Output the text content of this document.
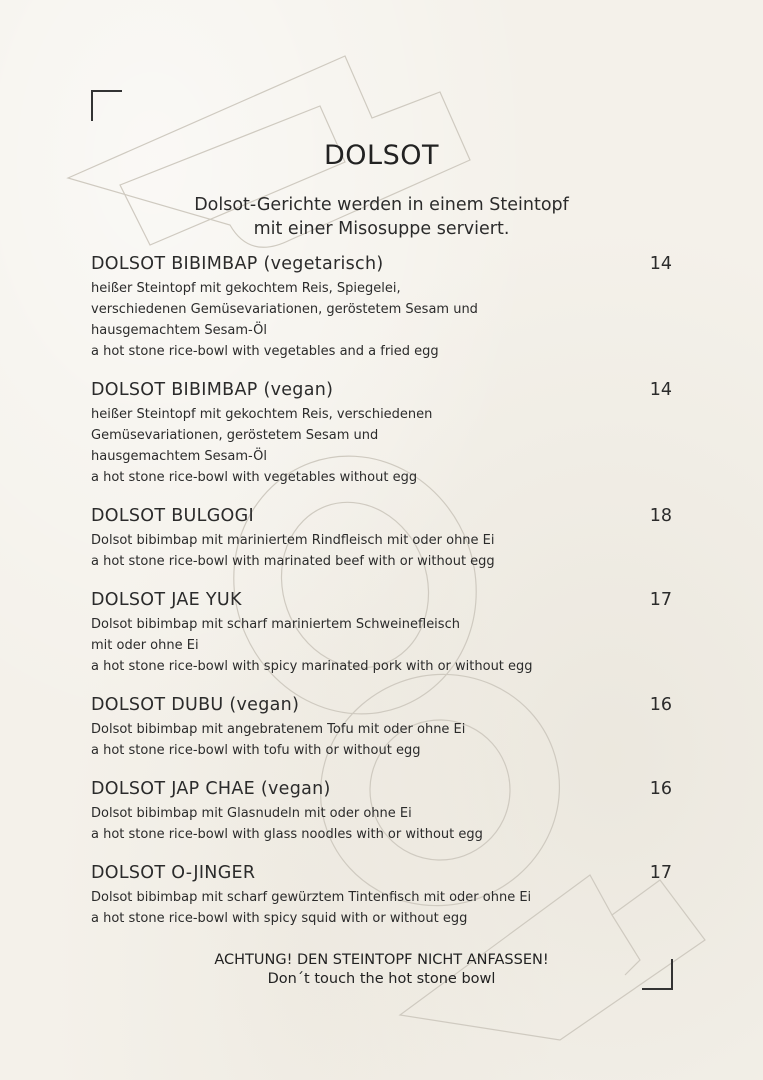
DOLSOT
Dolsot-Gerichte werden in einem Steintopf
mit einer Misosuppe serviert.
DOLSOT BIBIMBAP (vegetarisch)	14
heißer Steintopf mit gekochtem Reis, Spiegelei,
verschiedenen Gemüsevariationen, geröstetem Sesam und
hausgemachtem Sesam-Öl
a hot stone rice-bowl with vegetables and a fried egg
DOLSOT BIBIMBAP (vegan)	14
heißer Steintopf mit gekochtem Reis, verschiedenen
Gemüsevariationen, geröstetem Sesam und
hausgemachtem Sesam-Öl
a hot stone rice-bowl with vegetables without egg
DOLSOT BULGOGI	18
Dolsot bibimbap mit mariniertem Rindfleisch mit oder ohne Ei
a hot stone rice-bowl with marinated beef with or without egg
DOLSOT JAE YUK	17
Dolsot bibimbap mit scharf mariniertem Schweinefleisch
mit oder ohne Ei
a hot stone rice-bowl with spicy marinated pork with or without egg
DOLSOT DUBU (vegan)	16
Dolsot bibimbap mit angebratenem Tofu mit oder ohne Ei
a hot stone rice-bowl with tofu with or without egg
DOLSOT JAP CHAE (vegan)	16
Dolsot bibimbap mit Glasnudeln mit oder ohne Ei
a hot stone rice-bowl with glass noodles with or without egg
DOLSOT O-JINGER	17
Dolsot bibimbap mit scharf gewürztem Tintenfisch mit oder ohne Ei
a hot stone rice-bowl with spicy squid with or without egg
ACHTUNG! DEN STEINTOPF NICHT ANFASSEN!
Don´t touch the hot stone bowl
